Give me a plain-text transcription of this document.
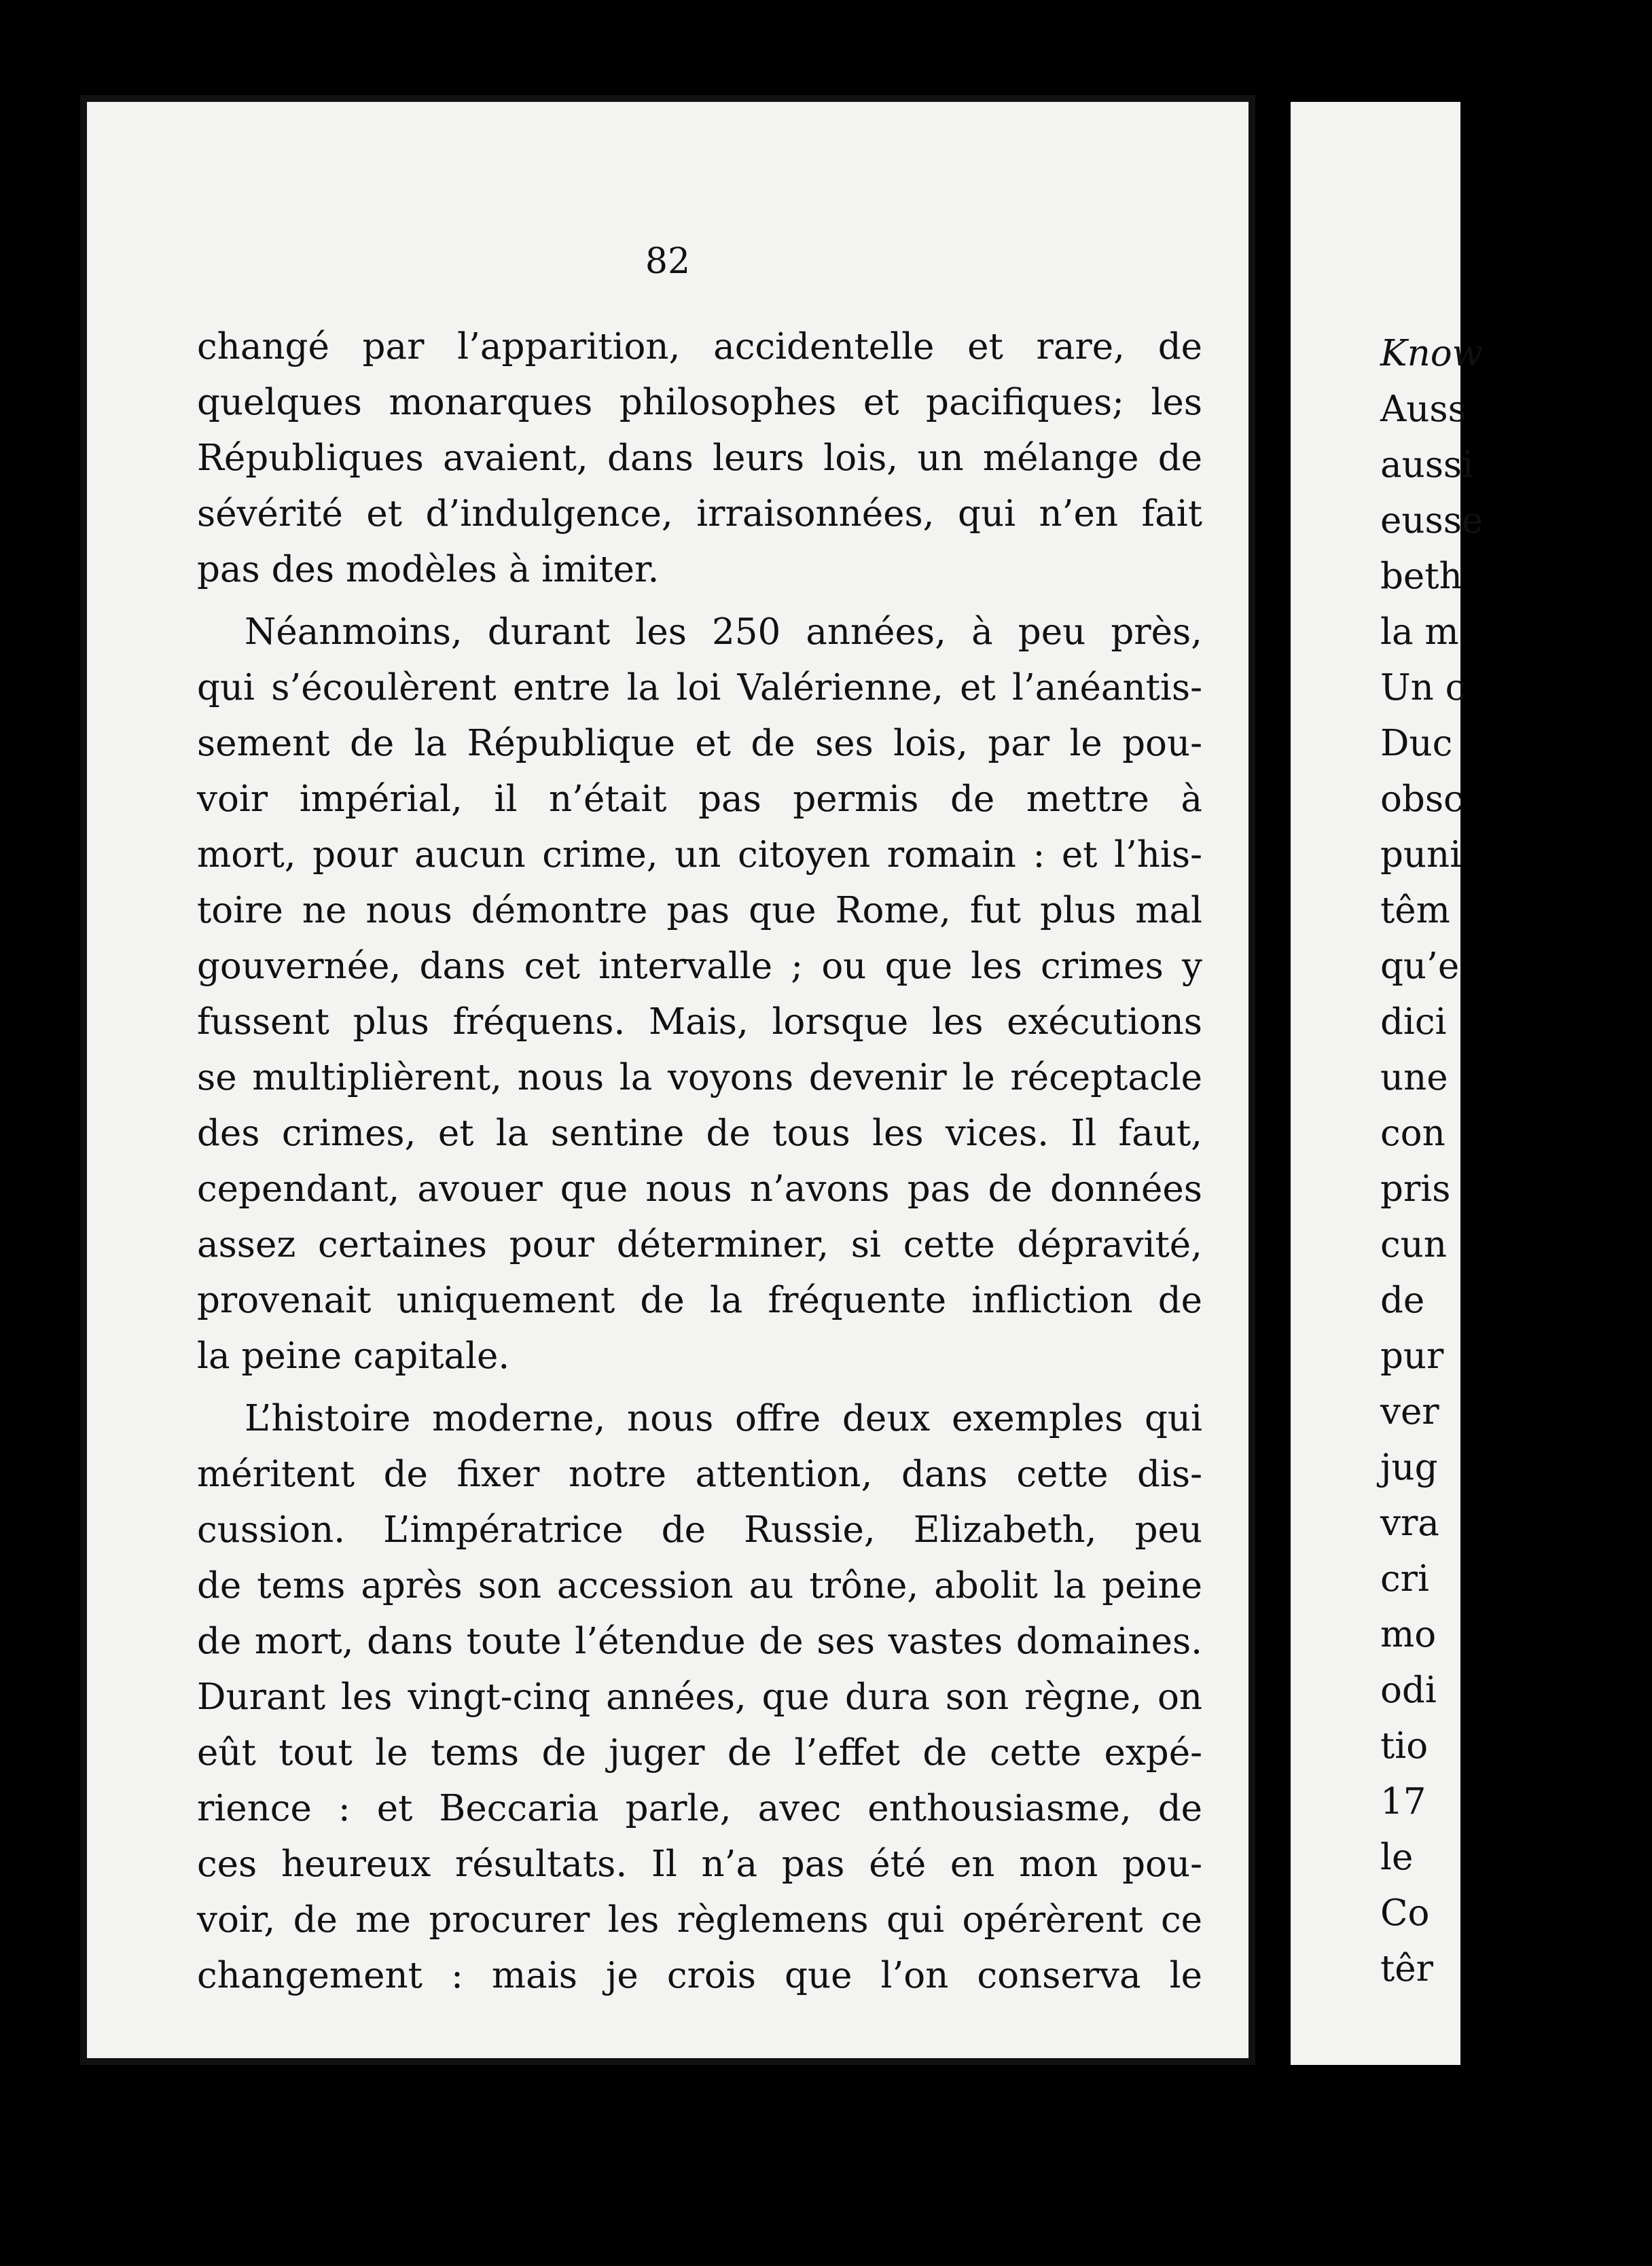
82
changé par l’apparition, accidentelle et rare, de
quelques monarques philosophes et pacifiques; les
Républiques avaient, dans leurs lois, un mélange de
sévérité et d’indulgence, irraisonnées, qui n’en fait
pas des modèles à imiter.
Néanmoins, durant les 250 années, à peu près,
qui s’écoulèrent entre la loi Valérienne, et l’anéantis-
sement de la République et de ses lois, par le pou-
voir impérial, il n’était pas permis de mettre à
mort, pour aucun crime, un citoyen romain : et l’his-
toire ne nous démontre pas que Rome, fut plus mal
gouvernée, dans cet intervalle ; ou que les crimes y
fussent plus fréquens. Mais, lorsque les exécutions
se multiplièrent, nous la voyons devenir le réceptacle
des crimes, et la sentine de tous les vices. Il faut,
cependant, avouer que nous n’avons pas de données
assez certaines pour déterminer, si cette dépravité,
provenait uniquement de la fréquente infliction de
la peine capitale.
L’histoire moderne, nous offre deux exemples qui
méritent de fixer notre attention, dans cette dis-
cussion. L’impératrice de Russie, Elizabeth, peu
de tems après son accession au trône, abolit la peine
de mort, dans toute l’étendue de ses vastes domaines.
Durant les vingt-cinq années, que dura son règne, on
eût tout le tems de juger de l’effet de cette expé-
rience : et Beccaria parle, avec enthousiasme, de
ces heureux résultats. Il n’a pas été en mon pou-
voir, de me procurer les règlemens qui opérèrent ce
changement : mais je crois que l’on conserva le
Know
Auss
aussi
eusse
beth
la m
Un c
Duc
obsc
puni
têm
qu’e
dici
une
con
pris
cun
de
pur
ver
jug
vra
cri
mo
odi
tio
17
le
Co
têr
